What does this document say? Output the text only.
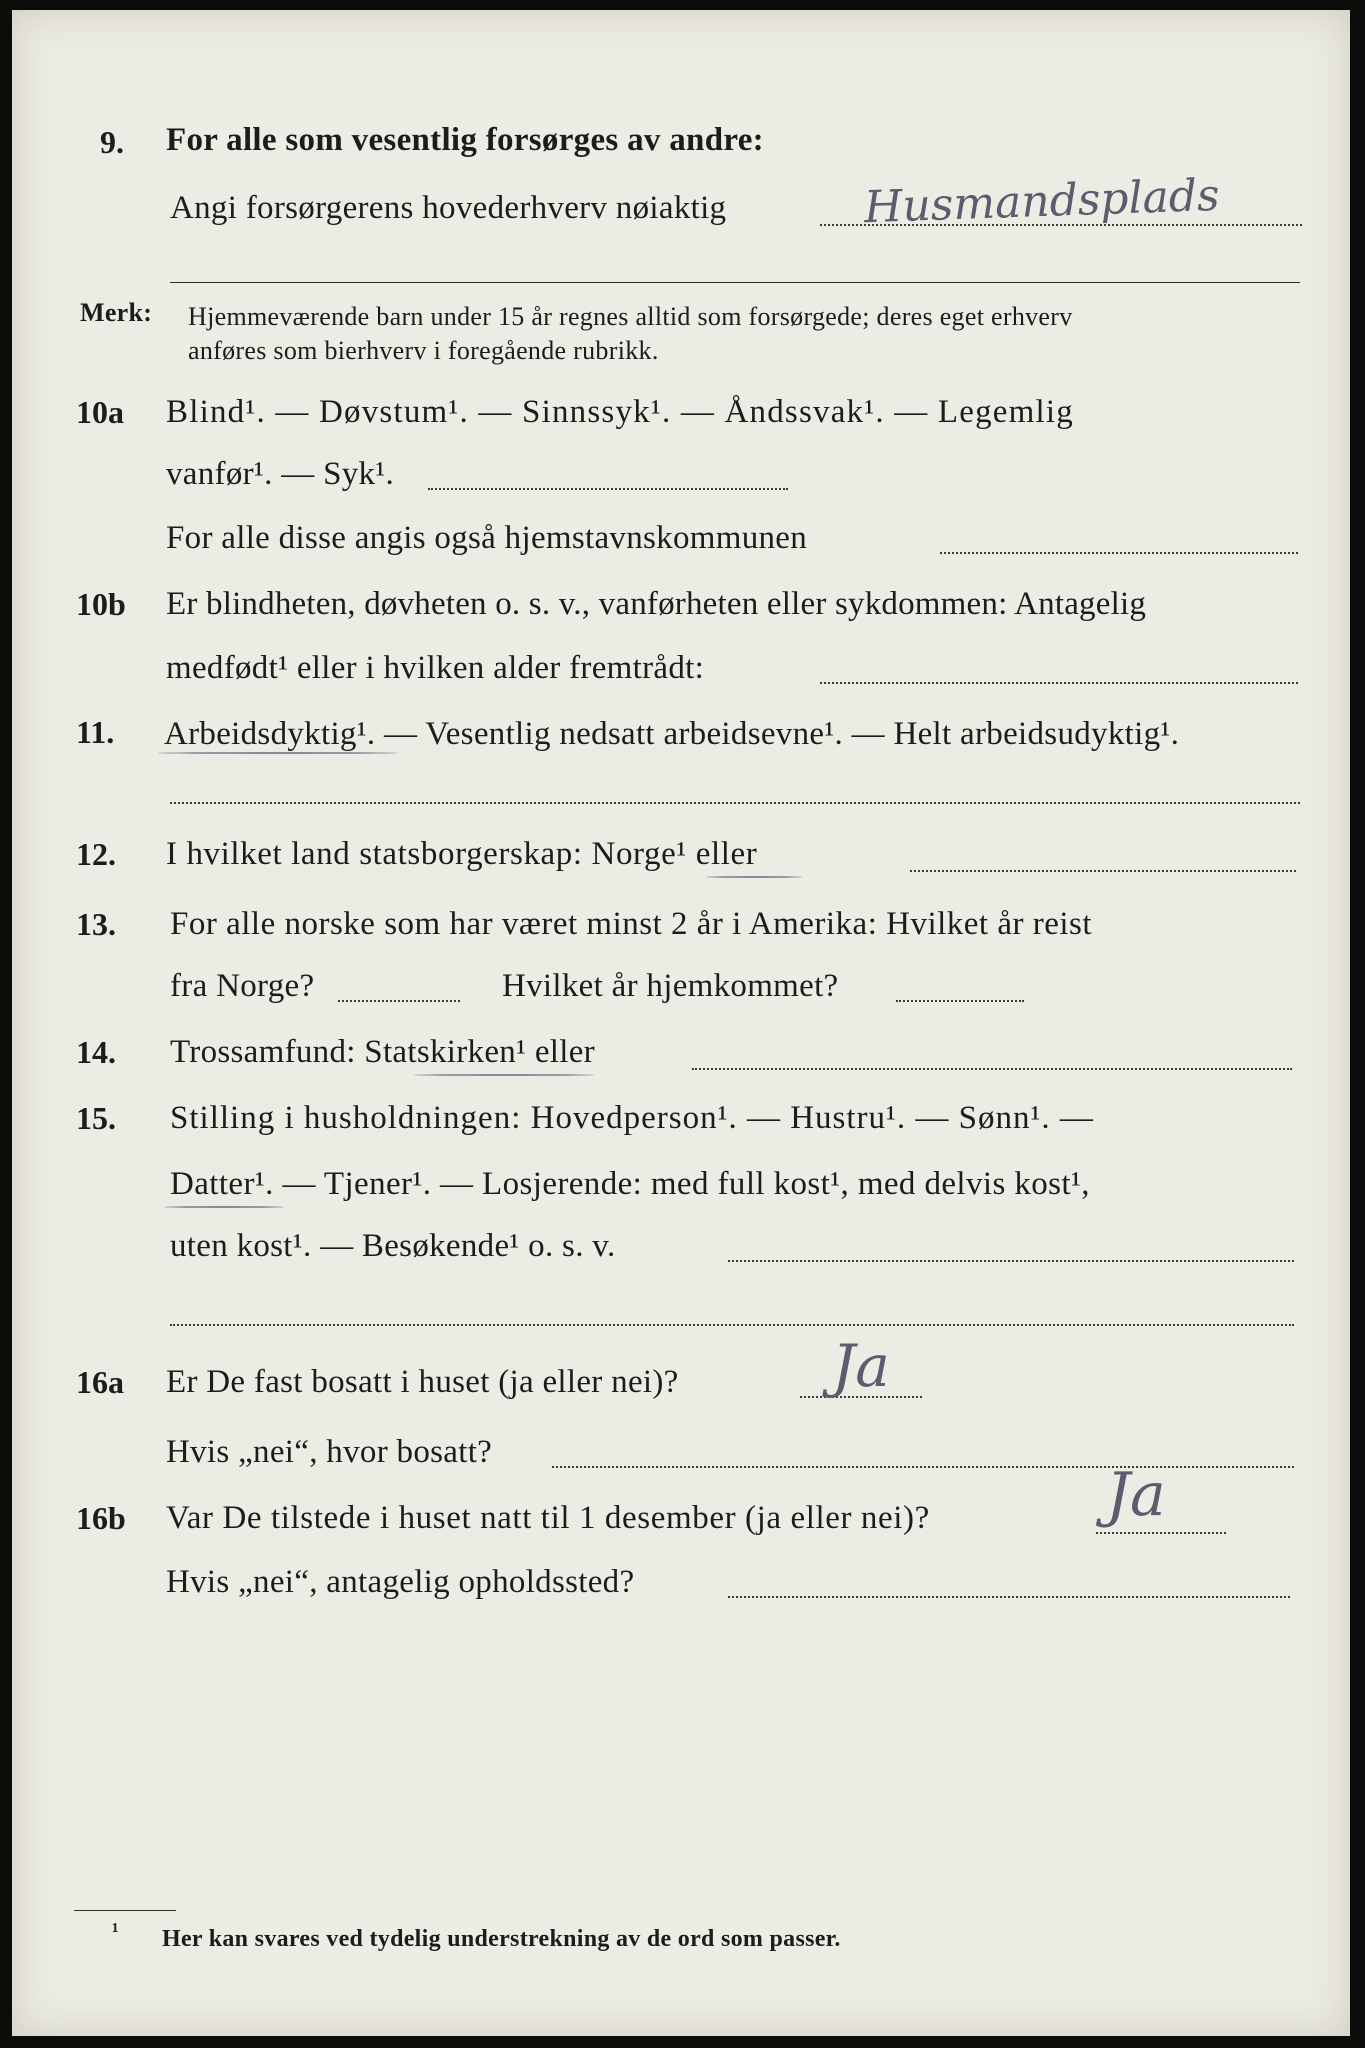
9. For alle som vesentlig forsørges av andre:
Angi forsørgerens hovederhverv nøiaktig	Husmandsplads
Merk: Hjemmeværende barn under 15 år regnes alltid som forsørgede; deres eget erhverv
anføres som bierhverv i foregående rubrikk.
10a Blind¹. — Døvstum¹. — Sinnssyk¹. — Åndssvak¹. — Legemlig
vanfør¹. — Syk¹.
For alle disse angis også hjemstavnskommunen
10b Er blindheten, døvheten o. s. v., vanførheten eller sykdommen: Antagelig
medfødt¹ eller i hvilken alder fremtrådt:
11. Arbeidsdyktig¹. — Vesentlig nedsatt arbeidsevne¹. — Helt arbeidsudyktig¹.
12. I hvilket land statsborgerskap: Norge¹ eller
13. For alle norske som har været minst 2 år i Amerika: Hvilket år reist
fra Norge?	Hvilket år hjemkommet?
14. Trossamfund: Statskirken¹ eller
15. Stilling i husholdningen: Hovedperson¹. — Hustru¹. — Sønn¹. —
Datter¹. — Tjener¹. — Losjerende: med full kost¹, med delvis kost¹,
uten kost¹. — Besøkende¹ o. s. v.
16a Er De fast bosatt i huset (ja eller nei)?	Ja
Hvis „nei“, hvor bosatt?
16b Var De tilstede i huset natt til 1 desember (ja eller nei)?	Ja
Hvis „nei“, antagelig opholdssted?
¹ Her kan svares ved tydelig understrekning av de ord som passer.
